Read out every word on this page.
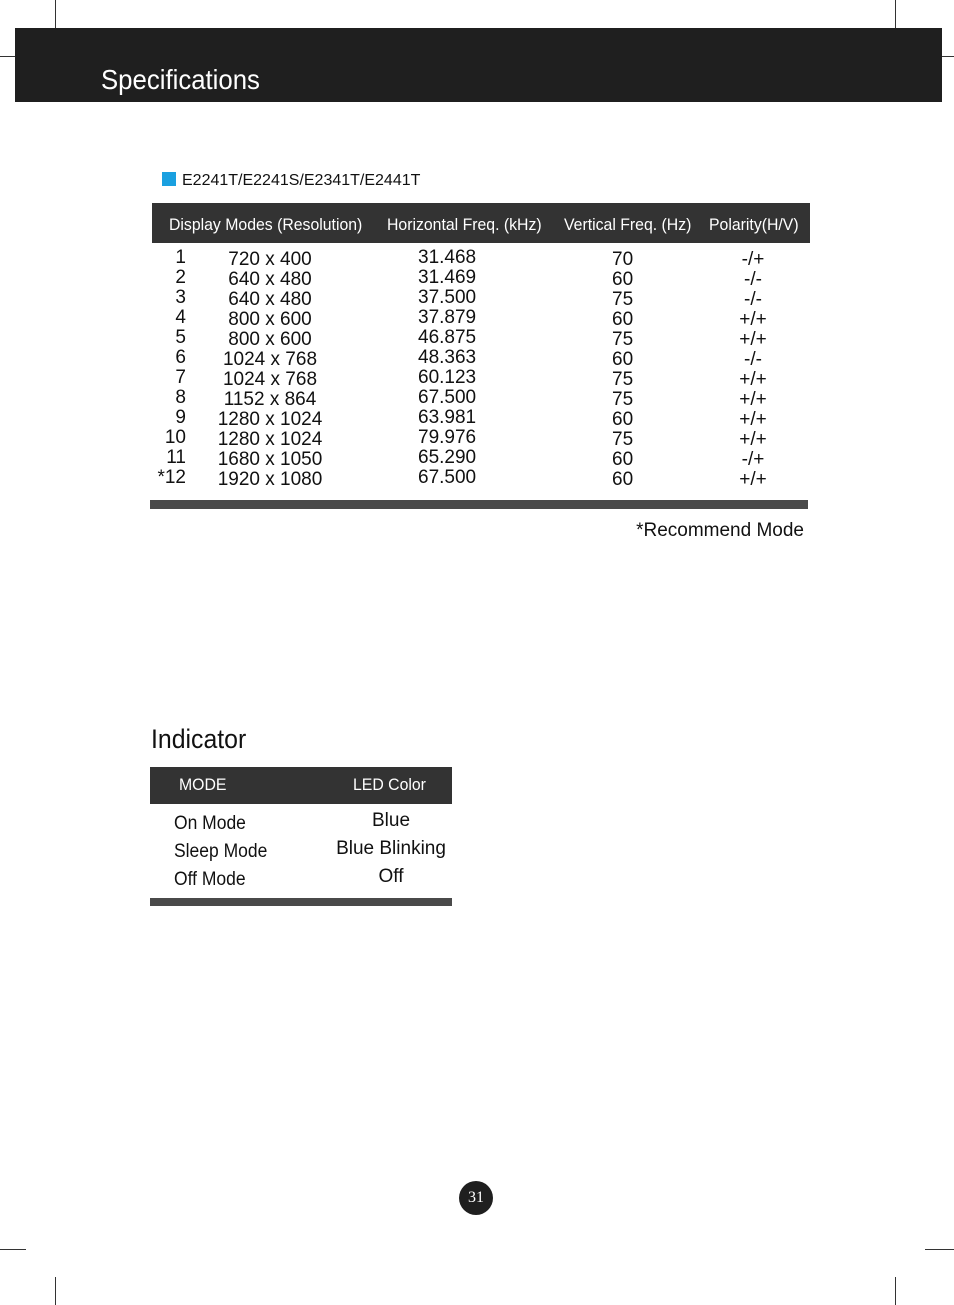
Specifications
E2241T/E2241S/E2341T/E2441T
Display Modes (Resolution) Horizontal Freq. (kHz) Vertical Freq. (Hz) Polarity(H/V)
1	720 x 400	31.468	70	-/+
2	640 x 480	31.469	60	-/-
3	640 x 480	37.500	75	-/-
4	800 x 600	37.879	60	+/+
5	800 x 600	46.875	75	+/+
6	1024 x 768	48.363	60	-/-
7	1024 x 768	60.123	75	+/+
8	1152 x 864	67.500	75	+/+
9	1280 x 1024	63.981	60	+/+
10	1280 x 1024	79.976	75	+/+
11	1680 x 1050	65.290	60	-/+
*12	1920 x 1080	67.500	60	+/+
*Recommend Mode
Indicator
MODE	LED Color
On Mode	Blue
Sleep Mode	Blue Blinking
Off Mode	Off
31
